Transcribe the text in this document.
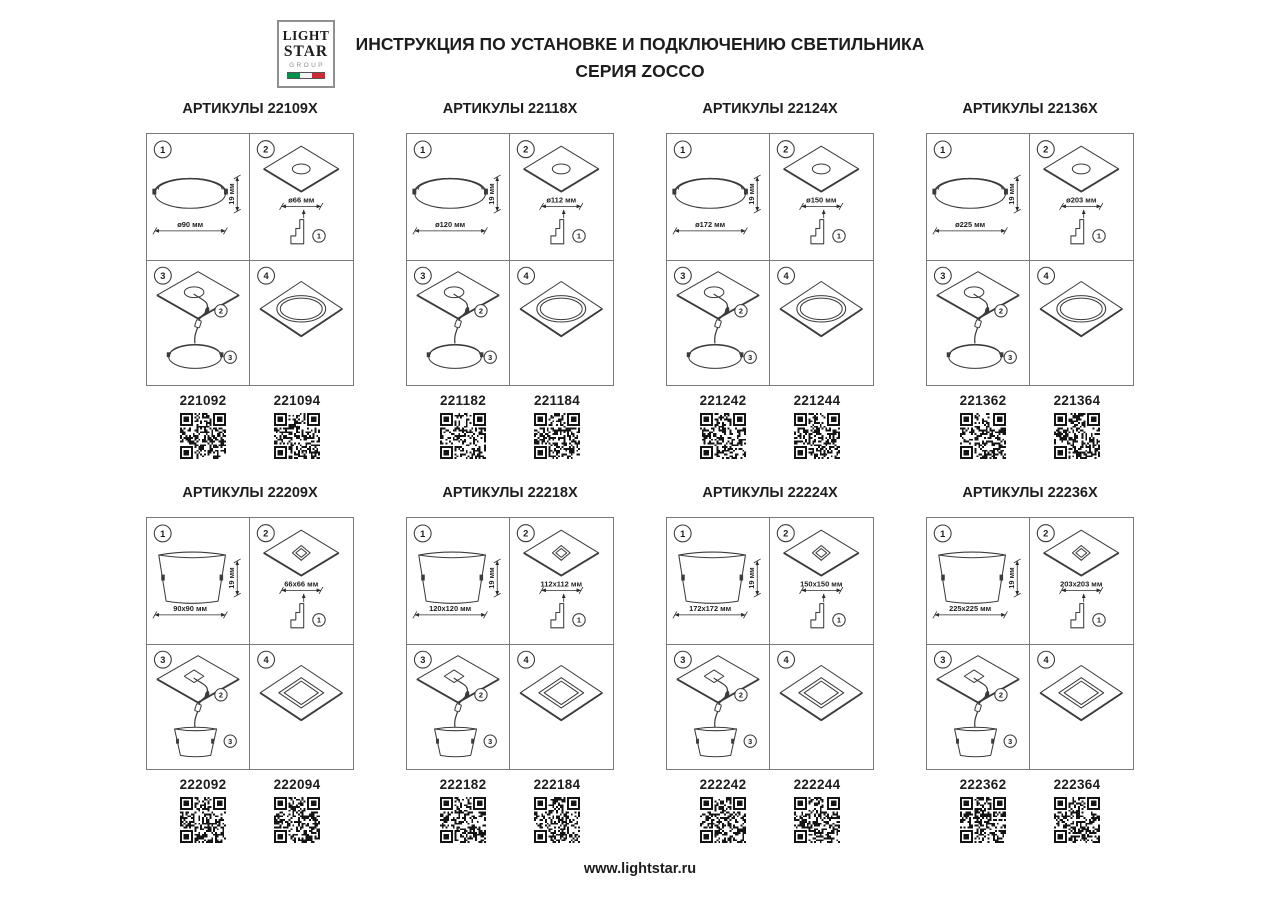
LIGHT
STAR
GROUP
ИНСТРУКЦИЯ ПО УСТАНОВКЕ И ПОДКЛЮЧЕНИЮ СВЕТИЛЬНИКА
СЕРИЯ ZOCCO
АРТИКУЛЫ 22109X
1
ø90 мм
19 мм
2
ø66 мм
1
3
2
3
4
221092	221094
АРТИКУЛЫ 22118X
1
ø120 мм
19 мм
2
ø112 мм
1
3
2
3
4
221182	221184
АРТИКУЛЫ 22124X
1
ø172 мм
19 мм
2
ø150 мм
1
3
2
3
4
221242	221244
АРТИКУЛЫ 22136X
1
ø225 мм
19 мм
2
ø203 мм
1
3
2
3
4
221362	221364
АРТИКУЛЫ 22209X
1
90x90 мм
19 мм
2
66x66 мм
1
3
2
3
4
222092	222094
АРТИКУЛЫ 22218X
1
120x120 мм
19 мм
2
112x112 мм
1
3
2
3
4
222182	222184
АРТИКУЛЫ 22224X
1
172x172 мм
19 мм
2
150x150 мм
1
3
2
3
4
222242	222244
АРТИКУЛЫ 22236X
1
225x225 мм
19 мм
2
203x203 мм
1
3
2
3
4
222362	222364
www.lightstar.ru
